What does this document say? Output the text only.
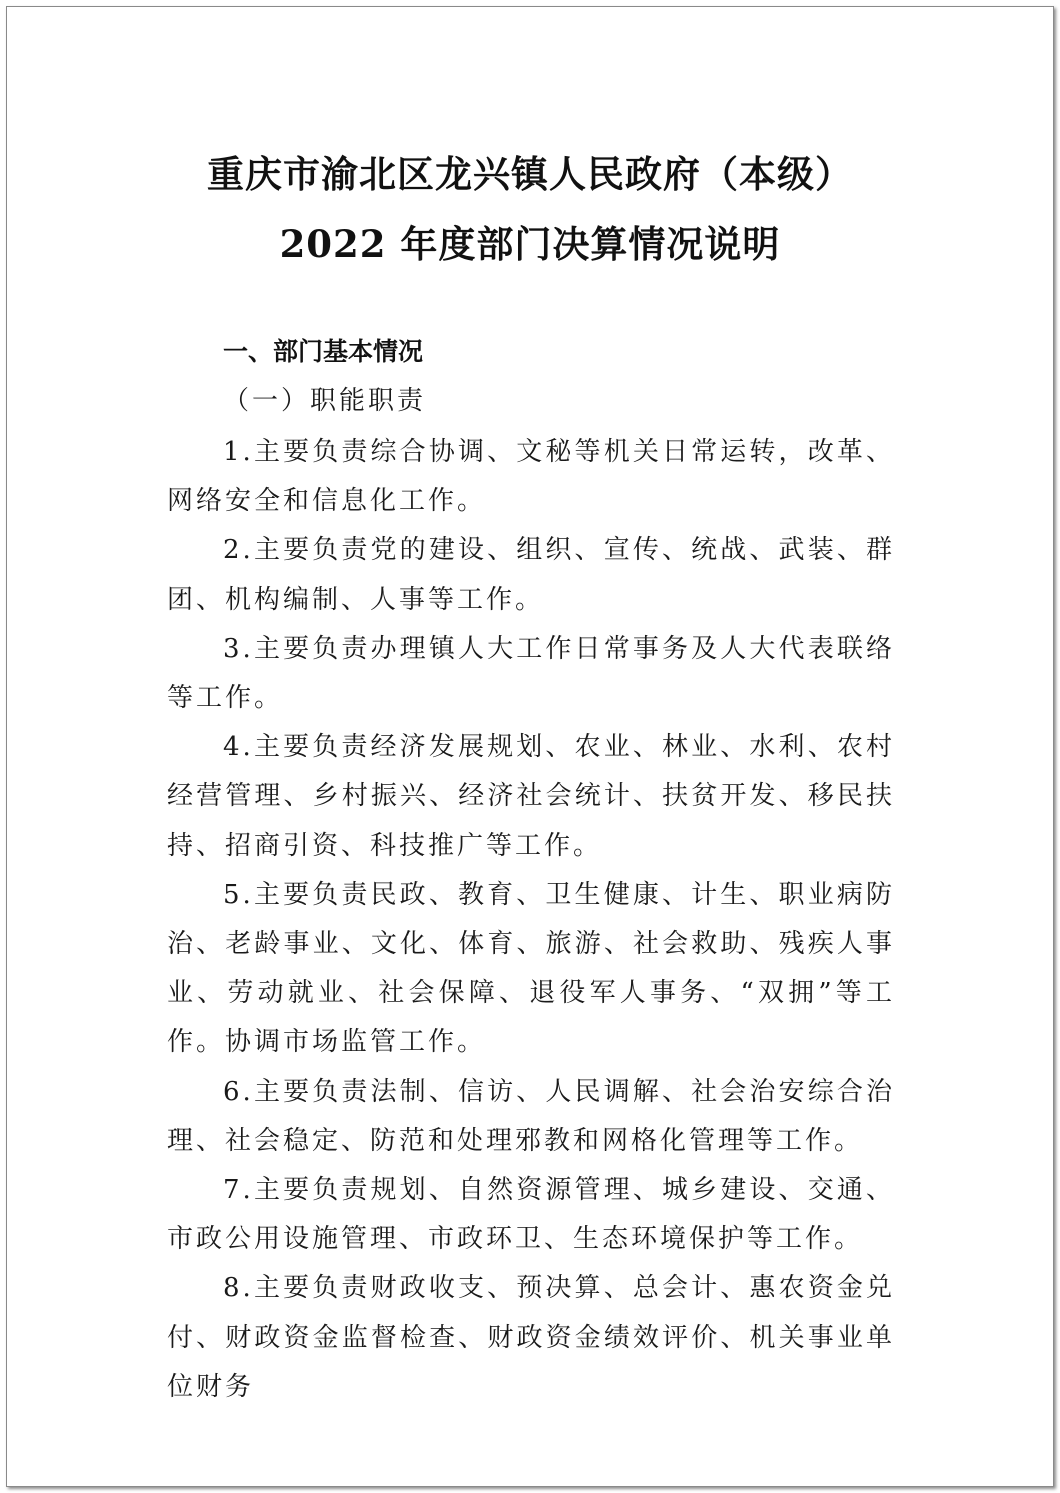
重庆市渝北区龙兴镇人民政府（本级）
2022 年度部门决算情况说明
一、部门基本情况
（一）职能职责

1.主要负责综合协调、文秘等机关日常运转，改革、网络安全和信息化工作。

2.主要负责党的建设、组织、宣传、统战、武装、群团、机构编制、人事等工作。

3.主要负责办理镇人大工作日常事务及人大代表联络等工作。

4.主要负责经济发展规划、农业、林业、水利、农村经营管理、乡村振兴、经济社会统计、扶贫开发、移民扶持、招商引资、科技推广等工作。

5.主要负责民政、教育、卫生健康、计生、职业病防治、老龄事业、文化、体育、旅游、社会救助、残疾人事业、劳动就业、社会保障、退役军人事务、“双拥”等工作。协调市场监管工作。

6.主要负责法制、信访、人民调解、社会治安综合治理、社会稳定、防范和处理邪教和网格化管理等工作。

7.主要负责规划、自然资源管理、城乡建设、交通、市政公用设施管理、市政环卫、生态环境保护等工作。

8.主要负责财政收支、预决算、总会计、惠农资金兑付、财政资金监督检查、财政资金绩效评价、机关事业单位财务
